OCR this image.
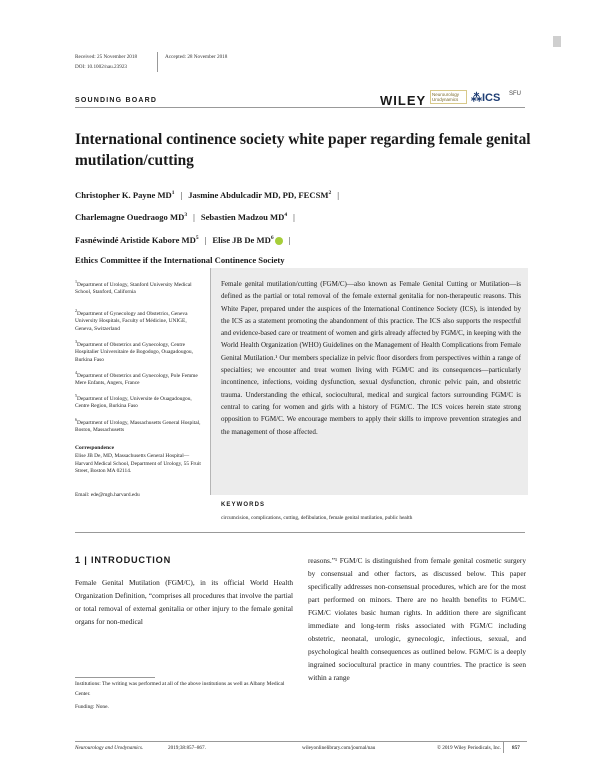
Received: 25 November 2018	Accepted: 28 November 2018
DOI: 10.1002/nau.23923
SOUNDING BOARD	WILEY	Neurourology Urodynamics	⁂ICS SFU
International continence society white paper regarding female genital mutilation/cutting
Christopher K. Payne $MD^1$ | Jasmine Abdulcadir MD, PD, FECSM$^2$ |
Charlemagne Ouedraogo $MD^3$ | Sebastien Madzou $MD^4$ |
Fasnéwindé Aristide Kabore $MD^5$ | Elise JB De $MD^6$ |
Ethics Committee if the International Continence Society
$^1$Department of Urology, Stanford University Medical School, Stanford, California
$^2$Department of Gynecology and Obstetrics, Geneva University Hospitals, Faculty of Médicine, UNIGE, Geneva, Switzerland
$^3$Department of Obstetrics and Gynecology, Centre Hospitalier Universitaire de Bogodogo, Ouagadougou, Burkina Faso
$^4$Department of Obstetrics and Gynecology, Pole Femme Mere Enfants, Angers, France
$^5$Department of Urology, Universite de Ouagadougou, Centre Region, Burkina Faso
$^6$Department of Urology, Massachusetts General Hospital, Boston, Massachusetts
Correspondence
Elise JB De, MD, Massachusetts General Hospital—Harvard Medical School, Department of Urology, 55 Fruit Street, Boston MA 02114.
Email: ede@mgh.harvard.edu
Female genital mutilation/cutting (FGM/C)—also known as Female Genital Cutting or Mutilation—is defined as the partial or total removal of the female external genitalia for non-therapeutic reasons. This White Paper, prepared under the auspices of the International Continence Society (ICS), is intended by the ICS as a statement promoting the abandonment of this practice. The ICS also supports the respectful and evidence-based care or treatment of women and girls already affected by FGM/C, in keeping with the World Health Organization (WHO) Guidelines on the Management of Health Complications from Female Genital Mutilation.¹ Our members specialize in pelvic floor disorders from perspectives within a range of specialties; we encounter and treat women living with FGM/C and its consequences—particularly incontinence, infections, voiding dysfunction, sexual dysfunction, chronic pelvic pain, and obstetric trauma. Understanding the ethical, sociocultural, medical and surgical factors surrounding FGM/C is central to caring for women and girls with a history of FGM/C. The ICS voices herein state strong opposition to FGM/C. We encourage members to apply their skills to improve prevention strategies and the management of those affected.
KEYWORDS
circumcision, complications, cutting, defibulation, female genital mutilation, public health
1 | INTRODUCTION
Female Genital Mutilation (FGM/C), in its official World Health Organization Definition, “comprises all procedures that involve the partial or total removal of external genitalia or other injury to the female genital organs for non-medical
reasons.”¹ FGM/C is distinguished from female genital cosmetic surgery by consensual and other factors, as discussed below. This paper specifically addresses non-consensual procedures, which are for the most part performed on minors. There are no health benefits to FGM/C. FGM/C violates basic human rights. In addition there are significant immediate and long-term risks associated with FGM/C including obstetric, neonatal, urologic, gynecologic, infectious, sexual, and psychological health consequences as outlined below. FGM/C is a deeply ingrained sociocultural practice in many countries. The practice is seen within a range
Institutions: The writing was performed at all of the above institutions as well as Albany Medical Center.
Funding: None.
Neurourology and Urodynamics.	2019;38:857–867.	wileyonlinelibrary.com/journal/nau	© 2019 Wiley Periodicals, Inc. 857
